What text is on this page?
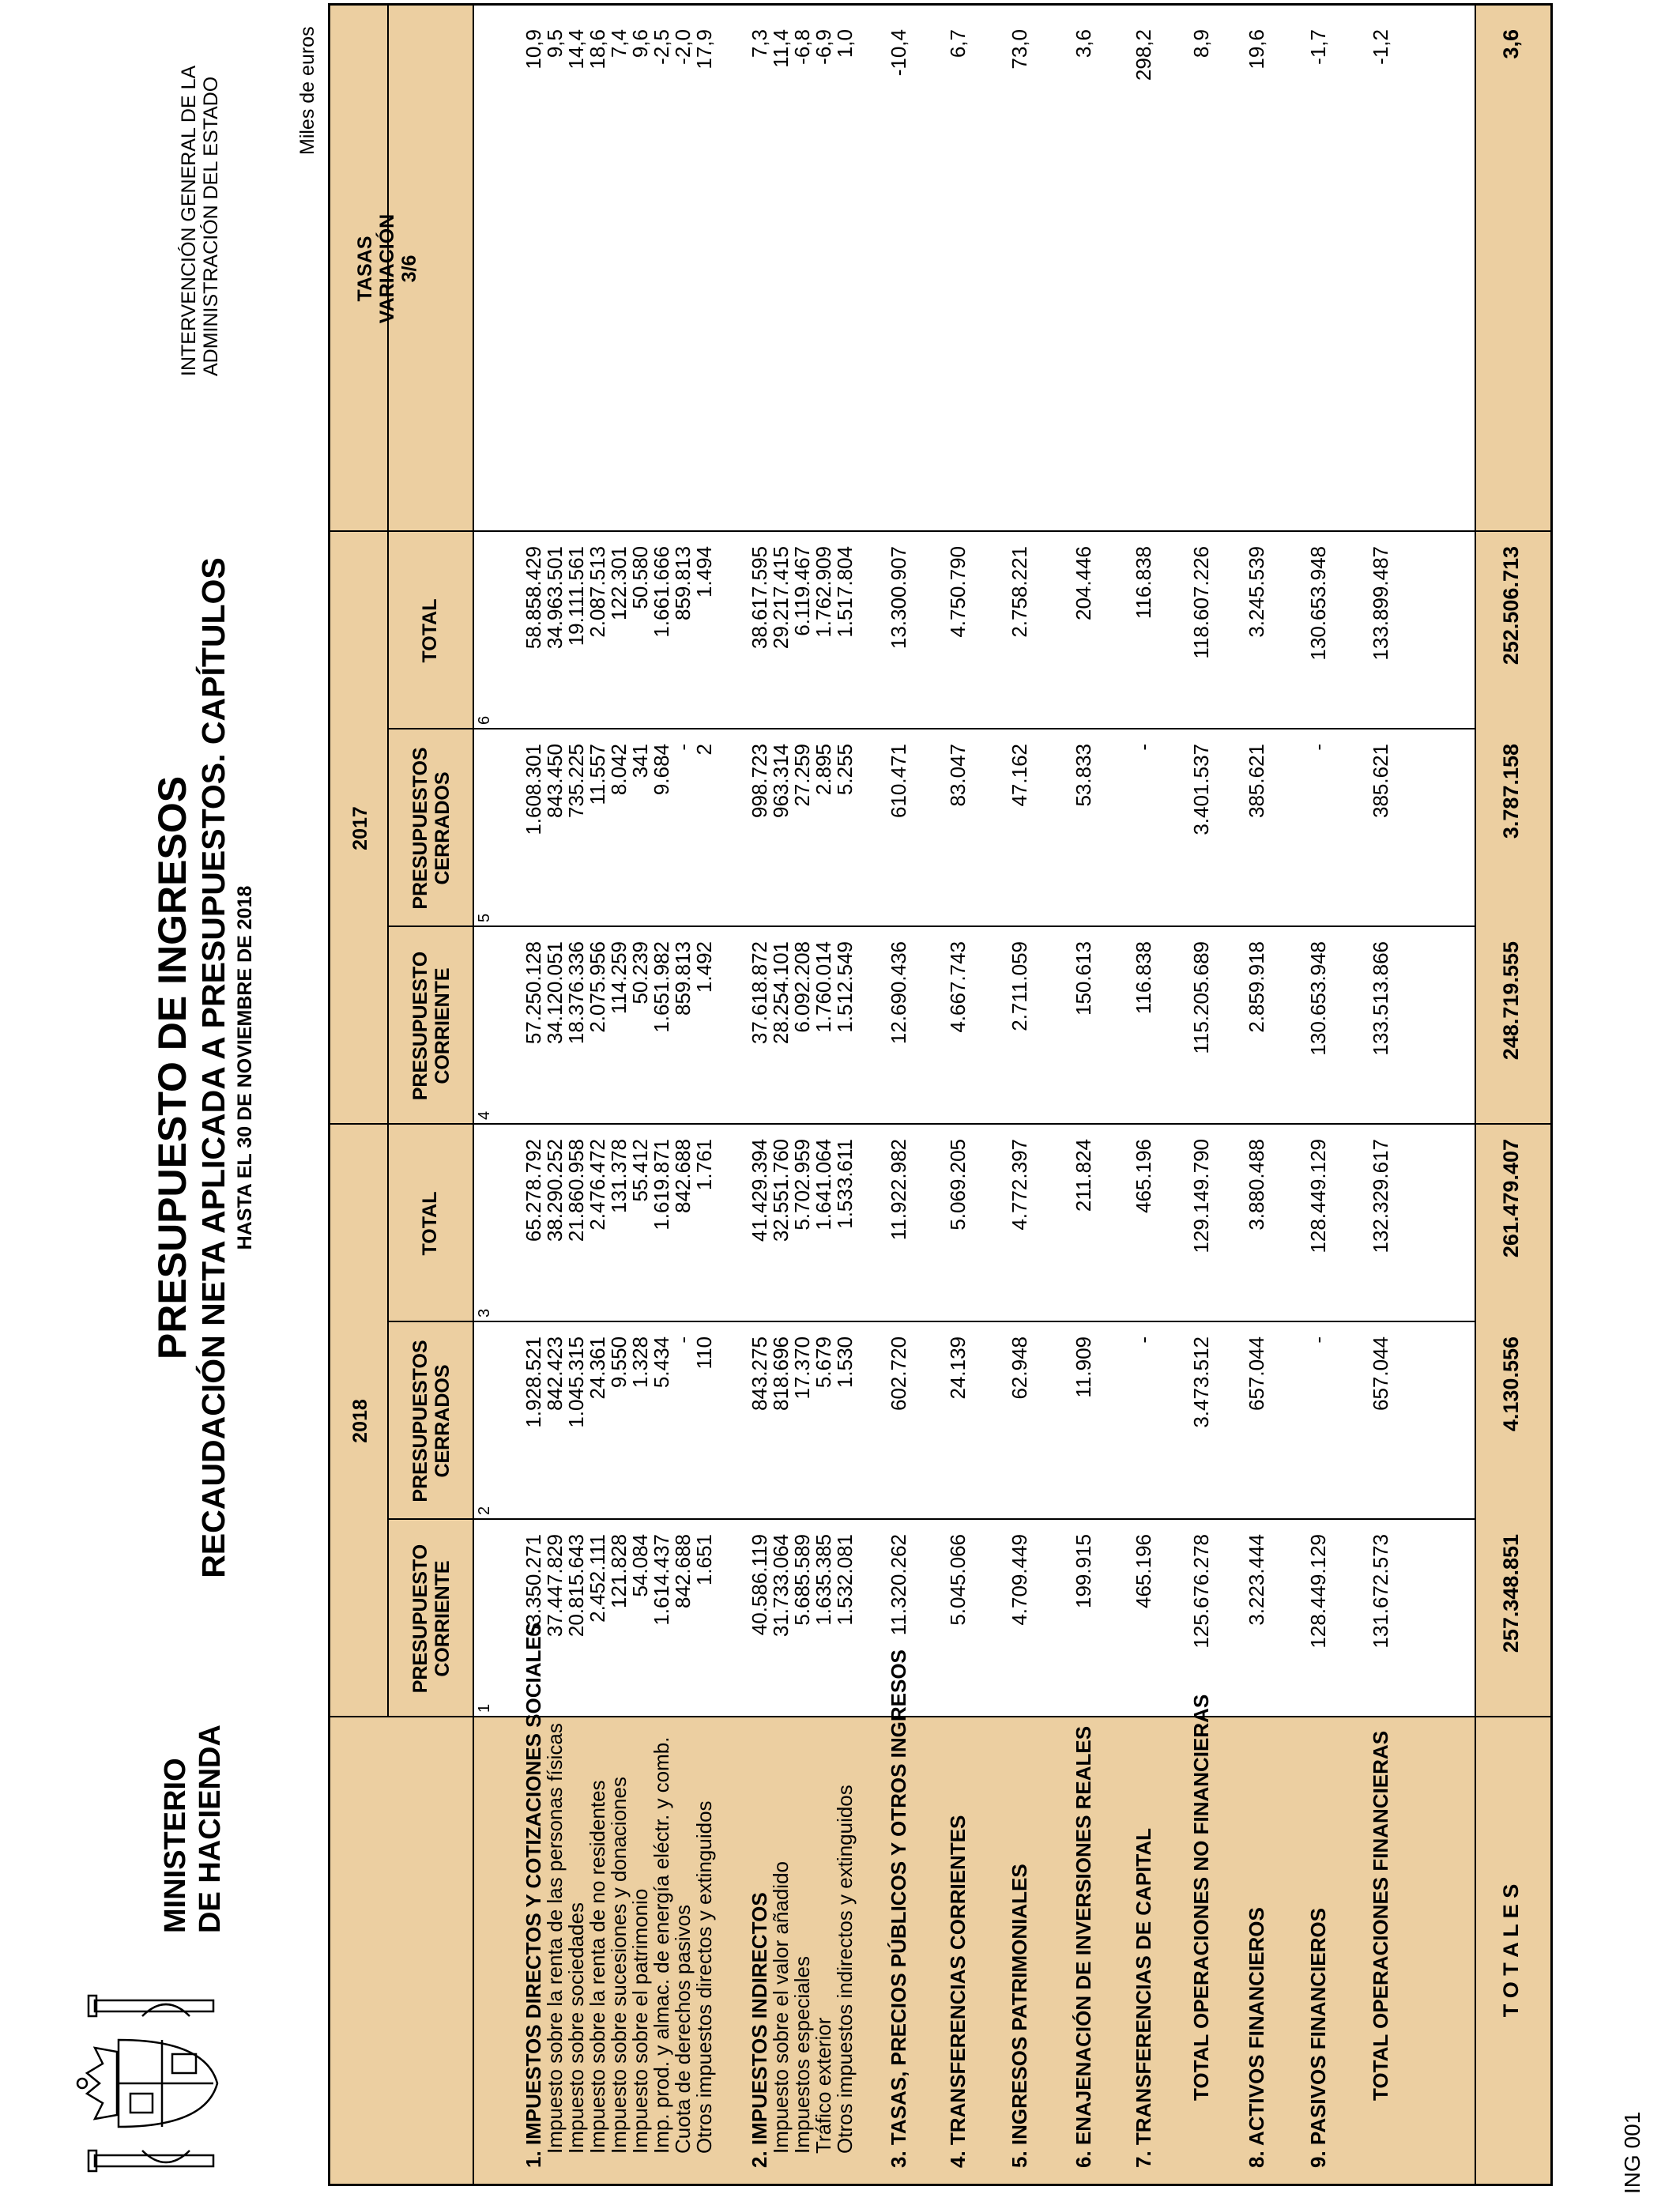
MINISTERIO DE HACIENDA
PRESUPUESTO DE INGRESOS RECAUDACIÓN NETA APLICADA A PRESUPUESTOS. CAPÍTULOS HASTA EL 30 DE NOVIEMBRE DE 2018
INTERVENCIÓN GENERAL DE LA ADMINISTRACIÓN DEL ESTADO	Miles de euros
ING 001
2018
2017
PRESUPUESTO CORRIENTE
PRESUPUESTOS CERRADOS
TOTAL
PRESUPUESTO CORRIENTE
PRESUPUESTOS CERRADOS
TOTAL
TASAS VARIACIÓN 3/6
1
2
3
4
5
6
1. IMPUESTOS DIRECTOS Y COTIZACIONES SOCIALES
63.350.271
1.928.521
65.278.792
57.250.128
1.608.301
58.858.429
10,9
Impuesto sobre la renta de las personas físicas
37.447.829
842.423
38.290.252
34.120.051
843.450
34.963.501
9,5
Impuesto sobre sociedades
20.815.643
1.045.315
21.860.958
18.376.336
735.225
19.111.561
14,4
Impuesto sobre la renta de no residentes
2.452.111
24.361
2.476.472
2.075.956
11.557
2.087.513
18,6
Impuesto sobre sucesiones y donaciones
121.828
9.550
131.378
114.259
8.042
122.301
7,4
Impuesto sobre el patrimonio
54.084
1.328
55.412
50.239
341
50.580
9,6
Imp. prod. y almac. de energía eléctr. y comb.
1.614.437
5.434
1.619.871
1.651.982
9.684
1.661.666
-2,5
Cuota de derechos pasivos
842.688
-
842.688
859.813
-
859.813
-2,0
Otros impuestos directos y extinguidos
1.651
110
1.761
1.492
2
1.494
17,9
2. IMPUESTOS INDIRECTOS
40.586.119
843.275
41.429.394
37.618.872
998.723
38.617.595
7,3
Impuesto sobre el valor añadido
31.733.064
818.696
32.551.760
28.254.101
963.314
29.217.415
11,4
Impuestos especiales
5.685.589
17.370
5.702.959
6.092.208
27.259
6.119.467
-6,8
Tráfico exterior
1.635.385
5.679
1.641.064
1.760.014
2.895
1.762.909
-6,9
Otros impuestos indirectos y extinguidos
1.532.081
1.530
1.533.611
1.512.549
5.255
1.517.804
1,0
3. TASAS, PRECIOS PÚBLICOS Y OTROS INGRESOS
11.320.262
602.720
11.922.982
12.690.436
610.471
13.300.907
-10,4
4. TRANSFERENCIAS CORRIENTES
5.045.066
24.139
5.069.205
4.667.743
83.047
4.750.790
6,7
5. INGRESOS PATRIMONIALES
4.709.449
62.948
4.772.397
2.711.059
47.162
2.758.221
73,0
6. ENAJENACIÓN DE INVERSIONES REALES
199.915
11.909
211.824
150.613
53.833
204.446
3,6
7. TRANSFERENCIAS DE CAPITAL
465.196
-
465.196
116.838
-
116.838
298,2
TOTAL OPERACIONES NO FINANCIERAS
125.676.278
3.473.512
129.149.790
115.205.689
3.401.537
118.607.226
8,9
8. ACTIVOS FINANCIEROS
3.223.444
657.044
3.880.488
2.859.918
385.621
3.245.539
19,6
9. PASIVOS FINANCIEROS
128.449.129
-
128.449.129
130.653.948
-
130.653.948
-1,7
TOTAL OPERACIONES FINANCIERAS
131.672.573
657.044
132.329.617
133.513.866
385.621
133.899.487
-1,2
T O T A L E S
257.348.851
4.130.556
261.479.407
248.719.555
3.787.158
252.506.713
3,6
